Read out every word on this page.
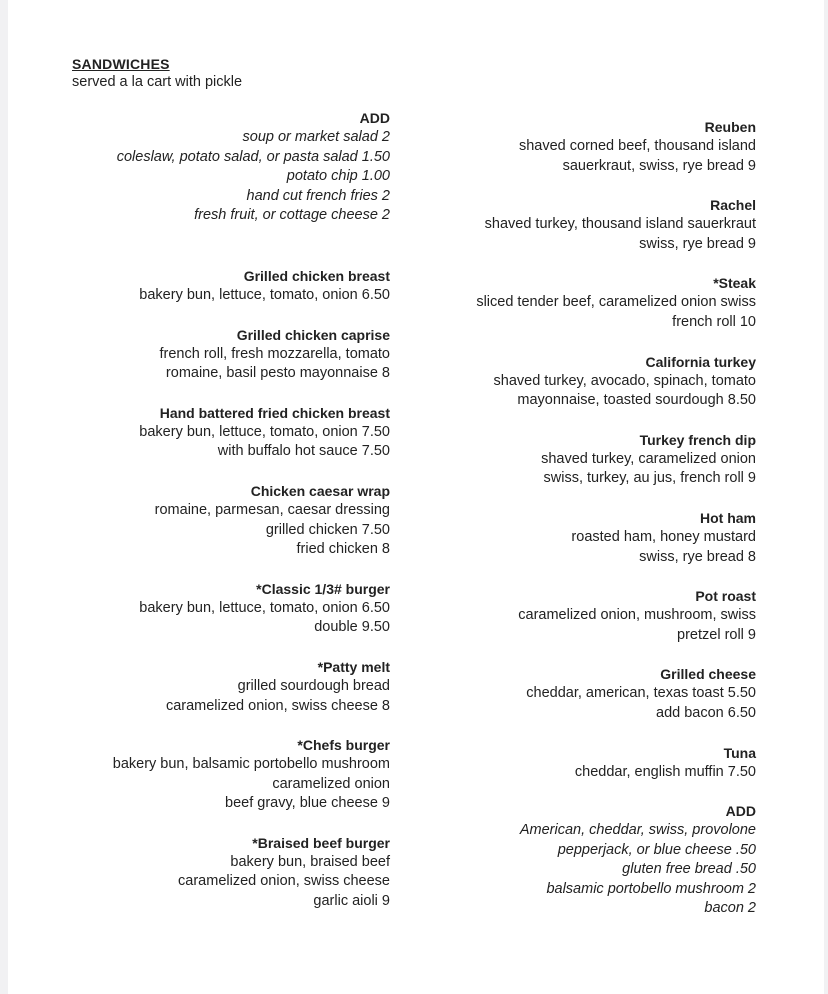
SANDWICHES
served a la cart with pickle
ADD
soup or market salad 2
coleslaw, potato salad, or pasta salad 1.50
potato chip 1.00
hand cut french fries 2
fresh fruit, or cottage cheese 2
Grilled chicken breast
bakery bun, lettuce, tomato, onion 6.50
Grilled chicken caprise
french roll, fresh mozzarella, tomato
romaine, basil pesto mayonnaise 8
Hand battered fried chicken breast
bakery bun, lettuce, tomato, onion 7.50
with buffalo hot sauce 7.50
Chicken caesar wrap
romaine, parmesan, caesar dressing
grilled chicken 7.50
fried chicken 8
*Classic 1/3# burger
bakery bun, lettuce, tomato, onion 6.50
double 9.50
*Patty melt
grilled sourdough bread
caramelized onion, swiss cheese 8
*Chefs burger
bakery bun, balsamic portobello mushroom
caramelized onion
beef gravy, blue cheese 9
*Braised beef burger
bakery bun, braised beef
caramelized onion, swiss cheese
garlic aioli 9
Reuben
shaved corned beef, thousand island
sauerkraut, swiss, rye bread 9
Rachel
shaved turkey, thousand island sauerkraut
swiss, rye bread 9
*Steak
sliced tender beef, caramelized onion swiss
french roll 10
California turkey
shaved turkey, avocado, spinach, tomato
mayonnaise, toasted sourdough 8.50
Turkey french dip
shaved turkey, caramelized onion
swiss, turkey, au jus, french roll 9
Hot ham
roasted ham, honey mustard
swiss, rye bread 8
Pot roast
caramelized onion, mushroom, swiss
pretzel roll 9
Grilled cheese
cheddar, american, texas toast 5.50
add bacon 6.50
Tuna
cheddar, english muffin 7.50
ADD
American, cheddar, swiss, provolone
pepperjack, or blue cheese .50
gluten free bread .50
balsamic portobello mushroom 2
bacon 2
